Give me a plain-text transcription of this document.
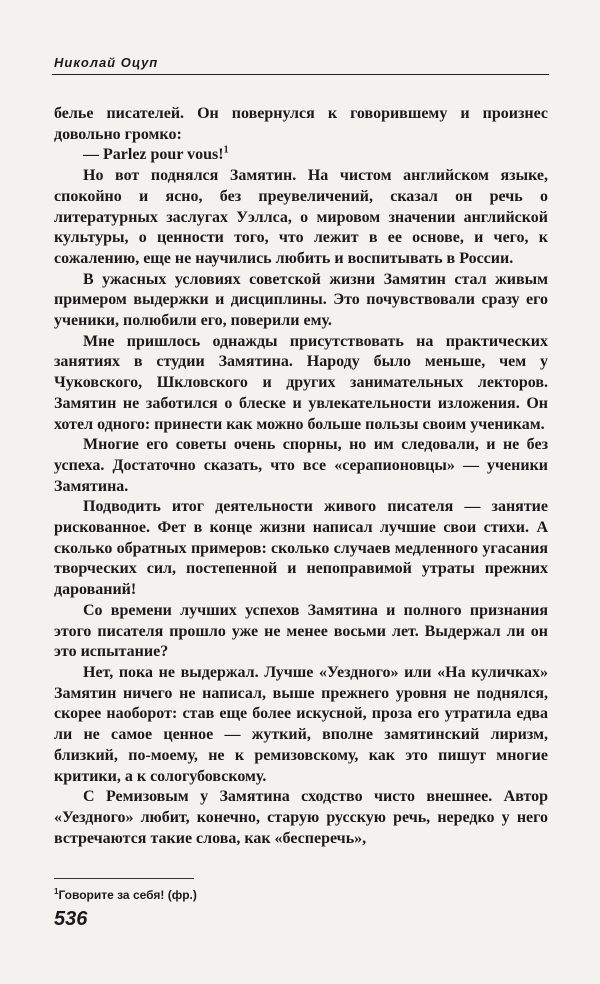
Николай Оцуп

белье писателей. Он повернулся к говорившему и произнес довольно громко:

— Parlez pour vous!$^1$

Но вот поднялся Замятин. На чистом английском языке, спокойно и ясно, без преувеличений, сказал он речь о литературных заслугах Уэллса, о мировом значении английской культуры, о ценности того, что лежит в ее основе, и чего, к сожалению, еще не научились любить и воспитывать в России.

В ужасных условиях советской жизни Замятин стал живым примером выдержки и дисциплины. Это почувствовали сразу его ученики, полюбили его, поверили ему.

Мне пришлось однажды присутствовать на практических занятиях в студии Замятина. Народу было меньше, чем у Чуковского, Шкловского и других занимательных лекторов. Замятин не заботился о блеске и увлекательности изложения. Он хотел одного: принести как можно больше пользы своим ученикам.

Многие его советы очень спорны, но им следовали, и не без успеха. Достаточно сказать, что все «серапионовцы» — ученики Замятина.

Подводить итог деятельности живого писателя — занятие рискованное. Фет в конце жизни написал лучшие свои стихи. А сколько обратных примеров: сколько случаев медленного угасания творческих сил, постепенной и непоправимой утраты прежних дарований!

Со времени лучших успехов Замятина и полного признания этого писателя прошло уже не менее восьми лет. Выдержал ли он это испытание?

Нет, пока не выдержал. Лучше «Уездного» или «На куличках» Замятин ничего не написал, выше прежнего уровня не поднялся, скорее наоборот: став еще более искусной, проза его утратила едва ли не самое ценное — жуткий, вполне замятинский лиризм, близкий, по-моему, не к ремизовскому, как это пишут многие критики, а к сологубовскому.

С Ремизовым у Замятина сходство чисто внешнее. Автор «Уездного» любит, конечно, старую русскую речь, нередко у него встречаются такие слова, как «бесперечь»,

$^1$Говорите за себя! (фр.)
536
